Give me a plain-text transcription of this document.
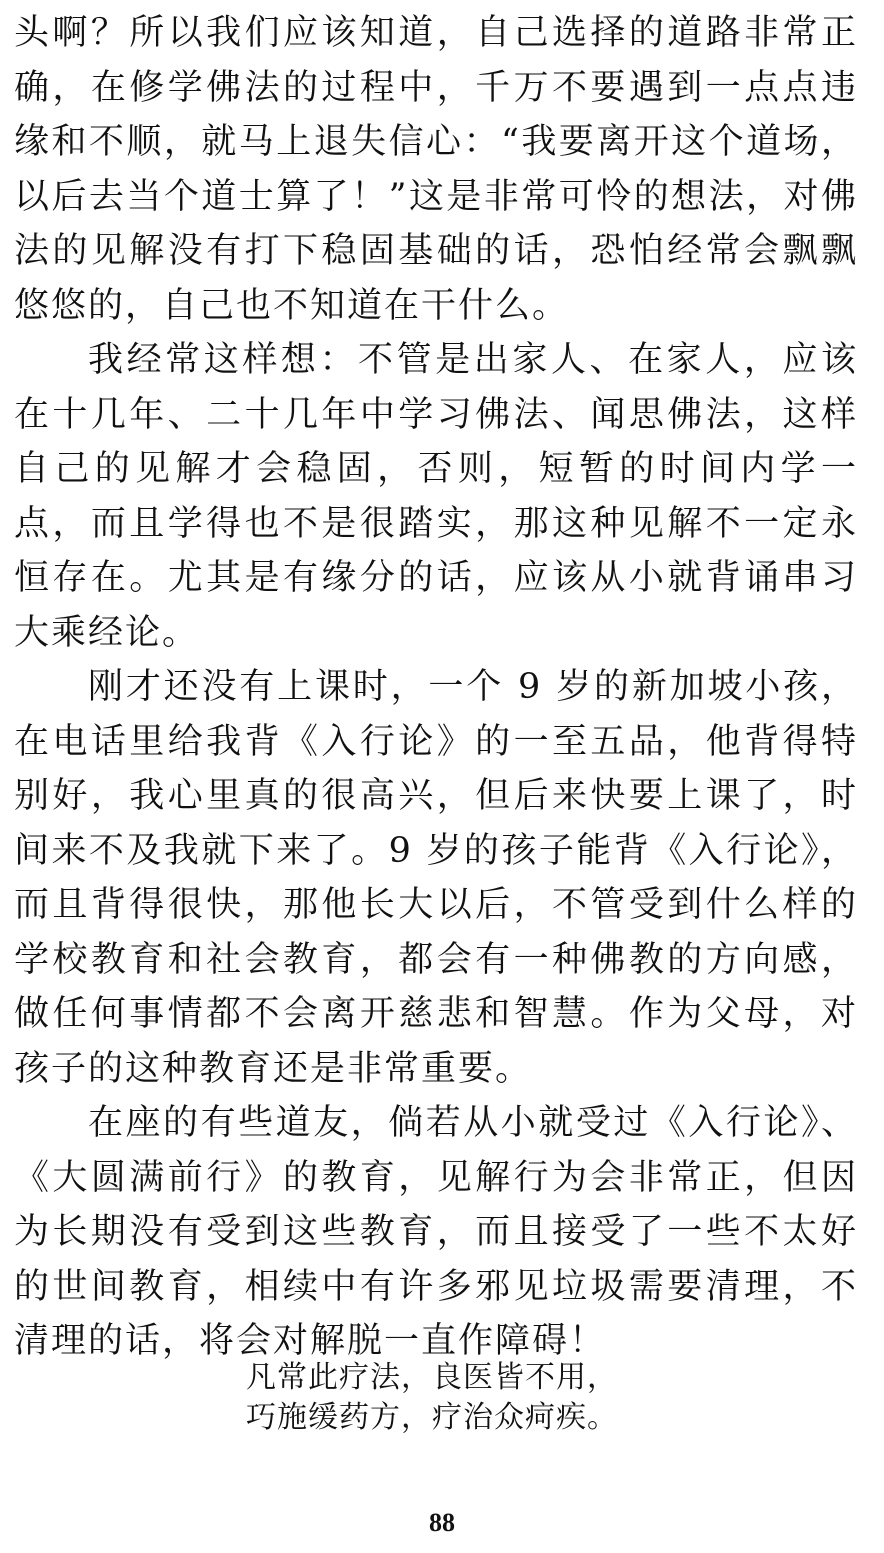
头啊？所以我们应该知道，自己选择的道路非常正确，在修学佛法的过程中，千万不要遇到一点点违缘和不顺，就马上退失信心：“我要离开这个道场，以后去当个道士算了！”这是非常可怜的想法，对佛法的见解没有打下稳固基础的话，恐怕经常会飘飘悠悠的，自己也不知道在干什么。

我经常这样想：不管是出家人、在家人，应该在十几年、二十几年中学习佛法、闻思佛法，这样自己的见解才会稳固，否则，短暂的时间内学一点，而且学得也不是很踏实，那这种见解不一定永恒存在。尤其是有缘分的话，应该从小就背诵串习大乘经论。

刚才还没有上课时，一个 9 岁的新加坡小孩，在电话里给我背《入行论》的一至五品，他背得特别好，我心里真的很高兴，但后来快要上课了，时间来不及我就下来了。9 岁的孩子能背《入行论》，而且背得很快，那他长大以后，不管受到什么样的学校教育和社会教育，都会有一种佛教的方向感，做任何事情都不会离开慈悲和智慧。作为父母，对孩子的这种教育还是非常重要。

在座的有些道友，倘若从小就受过《入行论》、《大圆满前行》的教育，见解行为会非常正，但因为长期没有受到这些教育，而且接受了一些不太好的世间教育，相续中有许多邪见垃圾需要清理，不清理的话，将会对解脱一直作障碍！

凡常此疗法，良医皆不用，
巧施缓药方，疗治众疴疾。
88
